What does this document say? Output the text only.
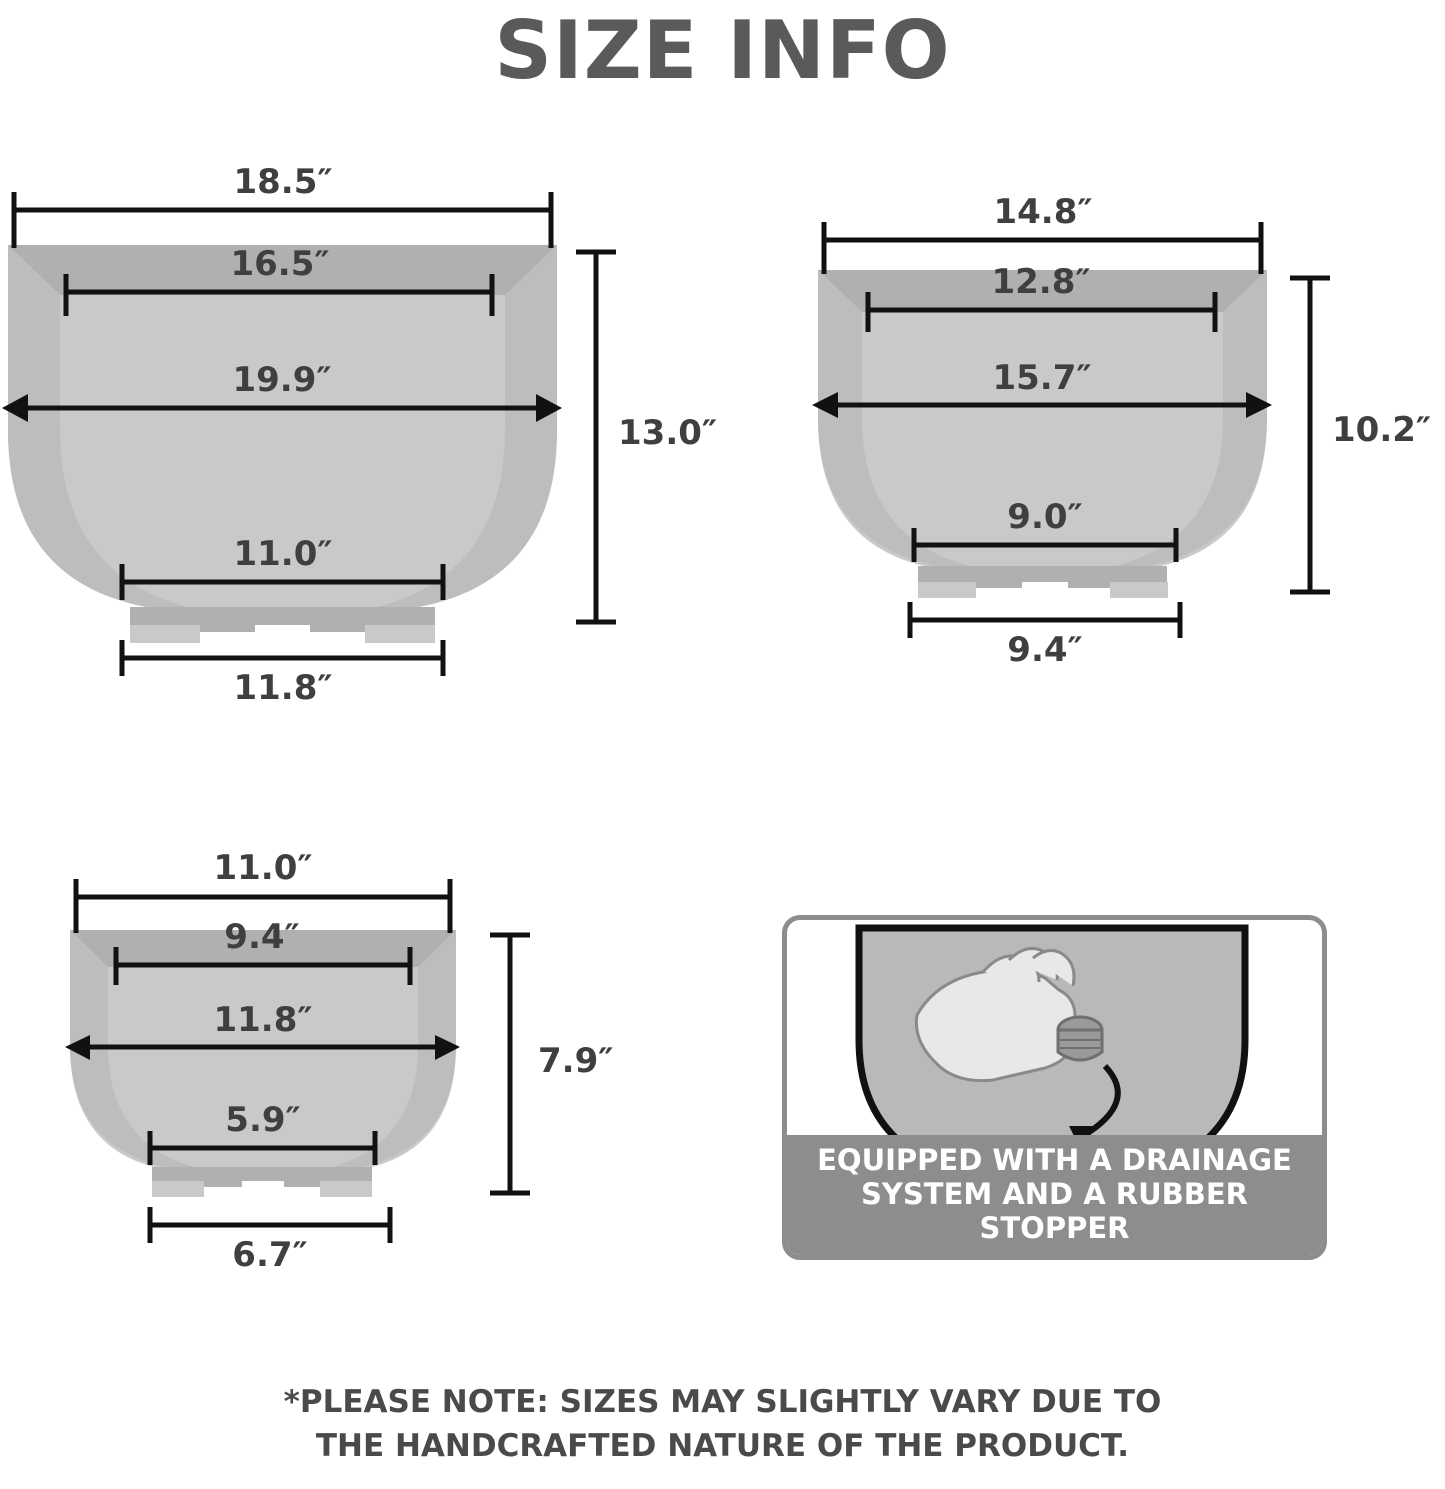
SIZE INFO
18.5″
16.5″
19.9″
11.0″
11.8″
13.0″
14.8″
12.8″
15.7″
9.0″
9.4″
10.2″
11.0″
9.4″
11.8″
5.9″
6.7″
7.9″
EQUIPPED WITH A DRAINAGE
SYSTEM AND A RUBBER STOPPER
*PLEASE NOTE: SIZES MAY SLIGHTLY VARY DUE TO
THE HANDCRAFTED NATURE OF THE PRODUCT.
